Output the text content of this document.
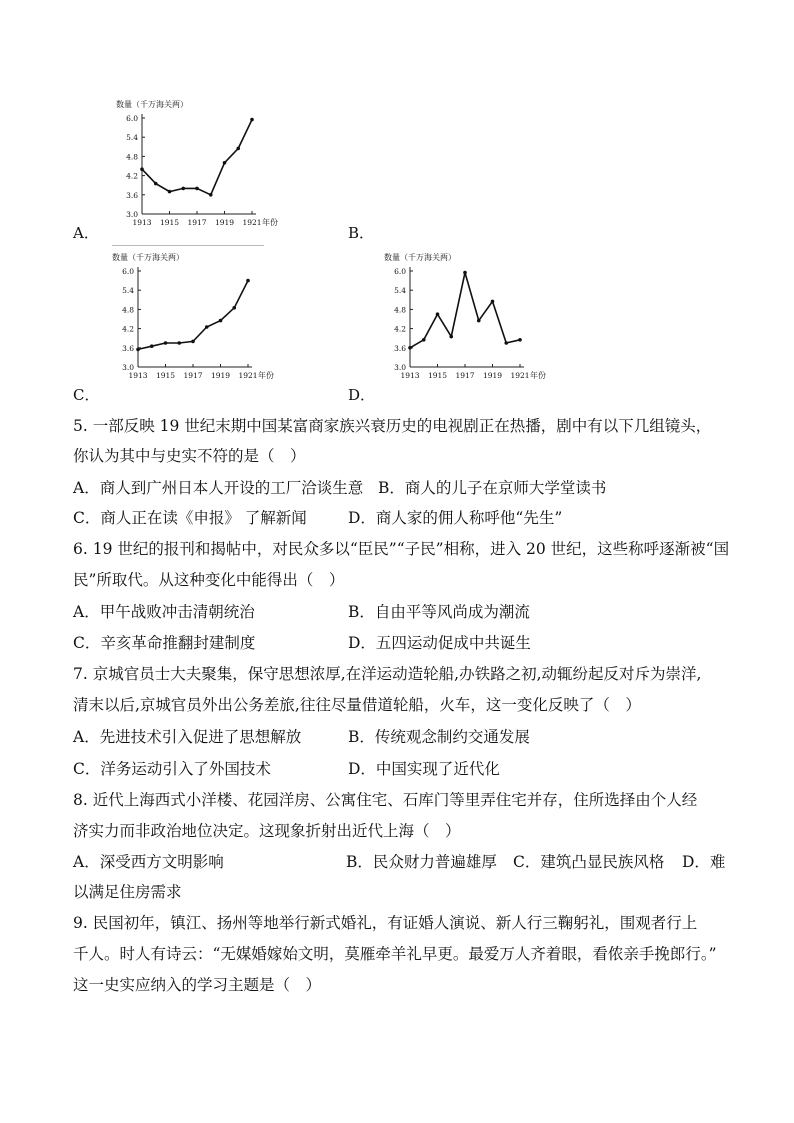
A．	B．
C．	D．
数量（千万海关两）
6.0
5.4
4.8
4.2
3.6
3.0
1913 1915 1917 1919 1921 年份
数量（千万海关两）
6.0
5.4
4.8
4.2
3.6
3.0
1913 1915 1917 1919 1921 年份
数量（千万海关两）
6.0
5.4
4.8
4.2
3.6
3.0
1913 1915 1917 1919 1921 年份
5. 一部反映 19 世纪末期中国某富商家族兴衰历史的电视剧正在热播，剧中有以下几组镜头，
你认为其中与史实不符的是（　）
A．商人到广州日本人开设的工厂洽谈生意 B．商人的儿子在京师大学堂读书
C．商人正在读《申报》 了解新闻	D．商人家的佣人称呼他“先生”
6. 19 世纪的报刊和揭帖中，对民众多以“臣民”“子民”相称，进入 20 世纪，这些称呼逐渐被“国
民”所取代。从这种变化中能得出（　）
A．甲午战败冲击清朝统治	B．自由平等风尚成为潮流
C．辛亥革命推翻封建制度	D．五四运动促成中共诞生
7. 京城官员士大夫聚集，保守思想浓厚,在洋运动造轮船,办铁路之初,动辄纷起反对斥为崇洋,
清末以后,京城官员外出公务差旅,往往尽量借道轮船，火车，这一变化反映了（　）
A．先进技术引入促进了思想解放	B．传统观念制约交通发展
C．洋务运动引入了外国技术	D．中国实现了近代化
8. 近代上海西式小洋楼、花园洋房、公寓住宅、石库门等里弄住宅并存，住所选择由个人经
济实力而非政治地位决定。这现象折射出近代上海（　）
A．深受西方文明影响	B．民众财力普遍雄厚 C．建筑凸显民族风格 D．难
以满足住房需求
9. 民国初年，镇江、扬州等地举行新式婚礼，有证婚人演说、新人行三鞠躬礼，围观者行上
千人。时人有诗云：“无媒婚嫁始文明，莫雁牵羊礼早更。最爱万人齐着眼，看侬亲手挽郎行。”
这一史实应纳入的学习主题是（　）
